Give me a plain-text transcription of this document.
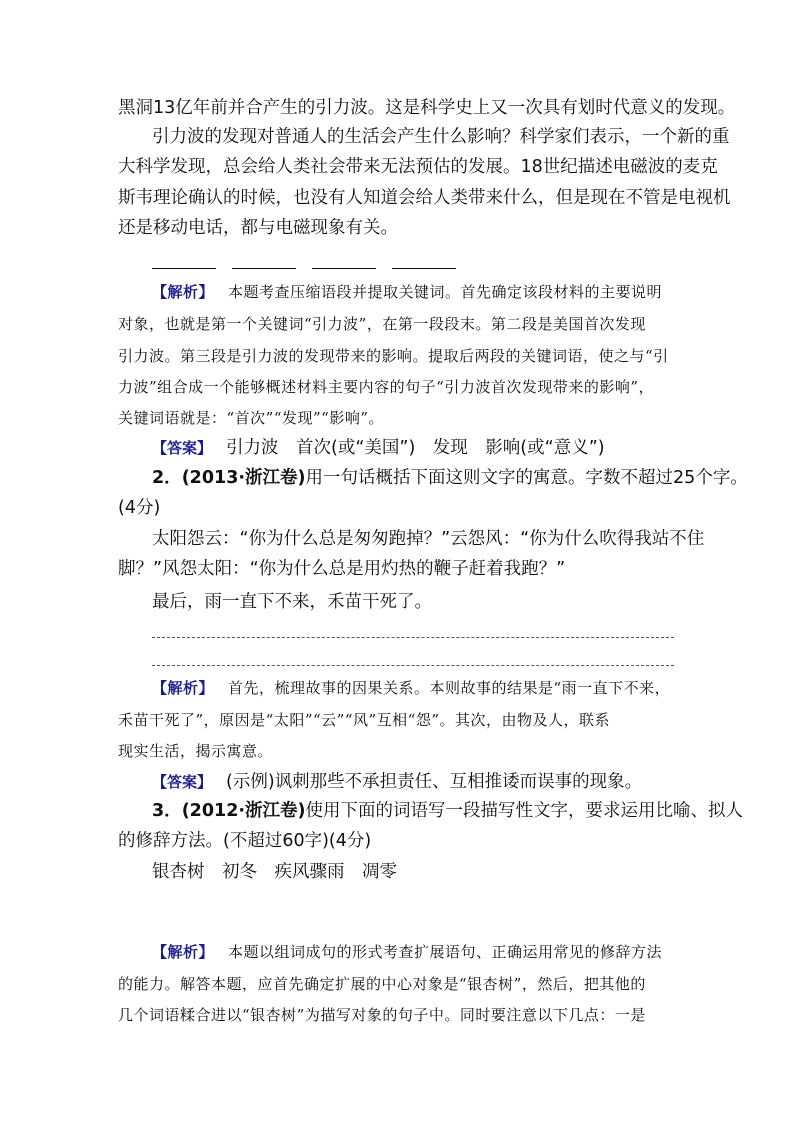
黑洞13亿年前并合产生的引力波。这是科学史上又一次具有划时代意义的发现。
引力波的发现对普通人的生活会产生什么影响？科学家们表示，一个新的重
大科学发现，总会给人类社会带来无法预估的发展。18世纪描述电磁波的麦克
斯韦理论确认的时候，也没有人知道会给人类带来什么，但是现在不管是电视机
还是移动电话，都与电磁现象有关。
【解析】 本题考查压缩语段并提取关键词。首先确定该段材料的主要说明
对象，也就是第一个关键词“引力波”，在第一段段末。第二段是美国首次发现
引力波。第三段是引力波的发现带来的影响。提取后两段的关键词语，使之与“引
力波”组合成一个能够概述材料主要内容的句子“引力波首次发现带来的影响”，
关键词语就是：“首次”“发现”“影响”。
【答案】 引力波　首次(或“美国”)　发现　影响(或“意义”)
2．(2013·浙江卷)用一句话概括下面这则文字的寓意。字数不超过25个字。
(4分)
太阳怨云：“你为什么总是匆匆跑掉？”云怨风：“你为什么吹得我站不住
脚？”风怨太阳：“你为什么总是用灼热的鞭子赶着我跑？”
最后，雨一直下不来，禾苗干死了。
【解析】 首先，梳理故事的因果关系。本则故事的结果是“雨一直下不来，
禾苗干死了”，原因是“太阳”“云”“风”互相“怨”。其次，由物及人，联系
现实生活，揭示寓意。
【答案】 (示例)讽刺那些不承担责任、互相推诿而误事的现象。
3．(2012·浙江卷)使用下面的词语写一段描写性文字，要求运用比喻、拟人
的修辞方法。(不超过60字)(4分)
银杏树　初冬　疾风骤雨　凋零
【解析】 本题以组词成句的形式考查扩展语句、正确运用常见的修辞方法
的能力。解答本题，应首先确定扩展的中心对象是“银杏树”，然后，把其他的
几个词语糅合进以“银杏树”为描写对象的句子中。同时要注意以下几点：一是
